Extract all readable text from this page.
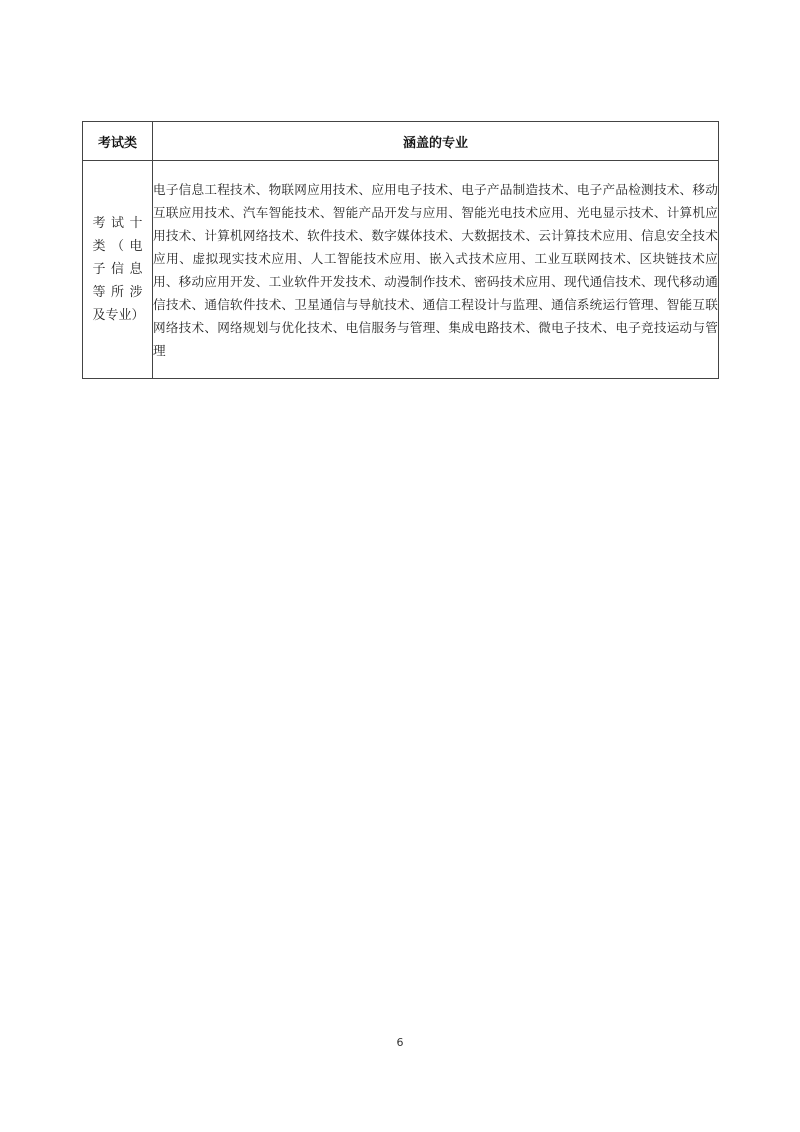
考试类	涵盖的专业
考试十类（电子信息等所涉及专业）	电子信息工程技术、物联网应用技术、应用电子技术、电子产品制造技术、电子产品检测技术、移动互联应用技术、汽车智能技术、智能产品开发与应用、智能光电技术应用、光电显示技术、计算机应用技术、计算机网络技术、软件技术、数字媒体技术、大数据技术、云计算技术应用、信息安全技术应用、虚拟现实技术应用、人工智能技术应用、嵌入式技术应用、工业互联网技术、区块链技术应用、移动应用开发、工业软件开发技术、动漫制作技术、密码技术应用、现代通信技术、现代移动通信技术、通信软件技术、卫星通信与导航技术、通信工程设计与监理、通信系统运行管理、智能互联网络技术、网络规划与优化技术、电信服务与管理、集成电路技术、微电子技术、电子竞技运动与管理
6
